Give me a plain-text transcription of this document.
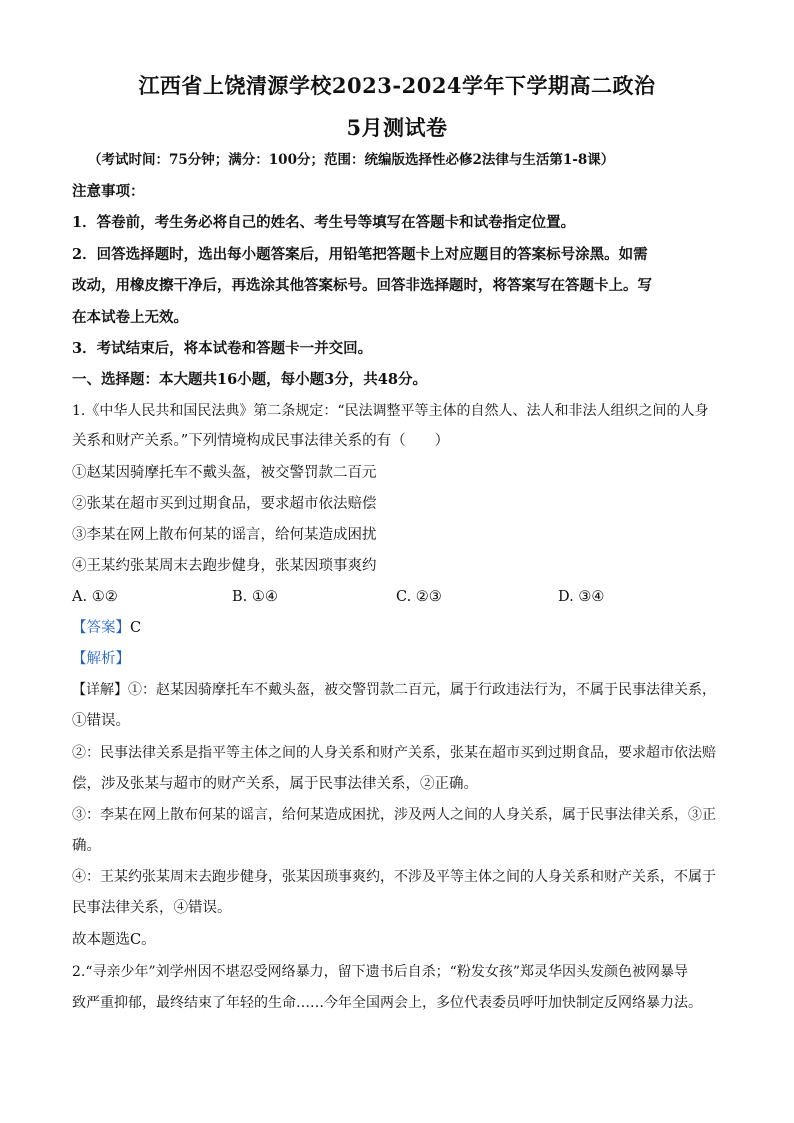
江西省上饶清源学校2023-2024学年下学期高二政治
5月测试卷
（考试时间：75分钟；满分：100分；范围：统编版选择性必修2法律与生活第1-8课）
注意事项：
1．答卷前，考生务必将自己的姓名、考生号等填写在答题卡和试卷指定位置。
2．回答选择题时，选出每小题答案后，用铅笔把答题卡上对应题目的答案标号涂黑。如需
改动，用橡皮擦干净后，再选涂其他答案标号。回答非选择题时，将答案写在答题卡上。写
在本试卷上无效。
3．考试结束后，将本试卷和答题卡一并交回。
一、选择题：本大题共16小题，每小题3分，共48分。
1.《中华人民共和国民法典》第二条规定：“民法调整平等主体的自然人、法人和非法人组织之间的人身
关系和财产关系。”下列情境构成民事法律关系的有（　　）
①赵某因骑摩托车不戴头盔，被交警罚款二百元
②张某在超市买到过期食品，要求超市依法赔偿
③李某在网上散布何某的谣言，给何某造成困扰
④王某约张某周末去跑步健身，张某因琐事爽约
A. ①②	B. ①④	C. ②③	D. ③④
【答案】C
【解析】
【详解】①：赵某因骑摩托车不戴头盔，被交警罚款二百元，属于行政违法行为，不属于民事法律关系，
①错误。
②：民事法律关系是指平等主体之间的人身关系和财产关系，张某在超市买到过期食品，要求超市依法赔
偿，涉及张某与超市的财产关系，属于民事法律关系，②正确。
③：李某在网上散布何某的谣言，给何某造成困扰，涉及两人之间的人身关系，属于民事法律关系，③正
确。
④：王某约张某周末去跑步健身，张某因琐事爽约，不涉及平等主体之间的人身关系和财产关系，不属于
民事法律关系，④错误。
故本题选C。
2.“寻亲少年”刘学州因不堪忍受网络暴力，留下遗书后自杀；“粉发女孩”郑灵华因头发颜色被网暴导
致严重抑郁，最终结束了年轻的生命……今年全国两会上，多位代表委员呼吁加快制定反网络暴力法。
